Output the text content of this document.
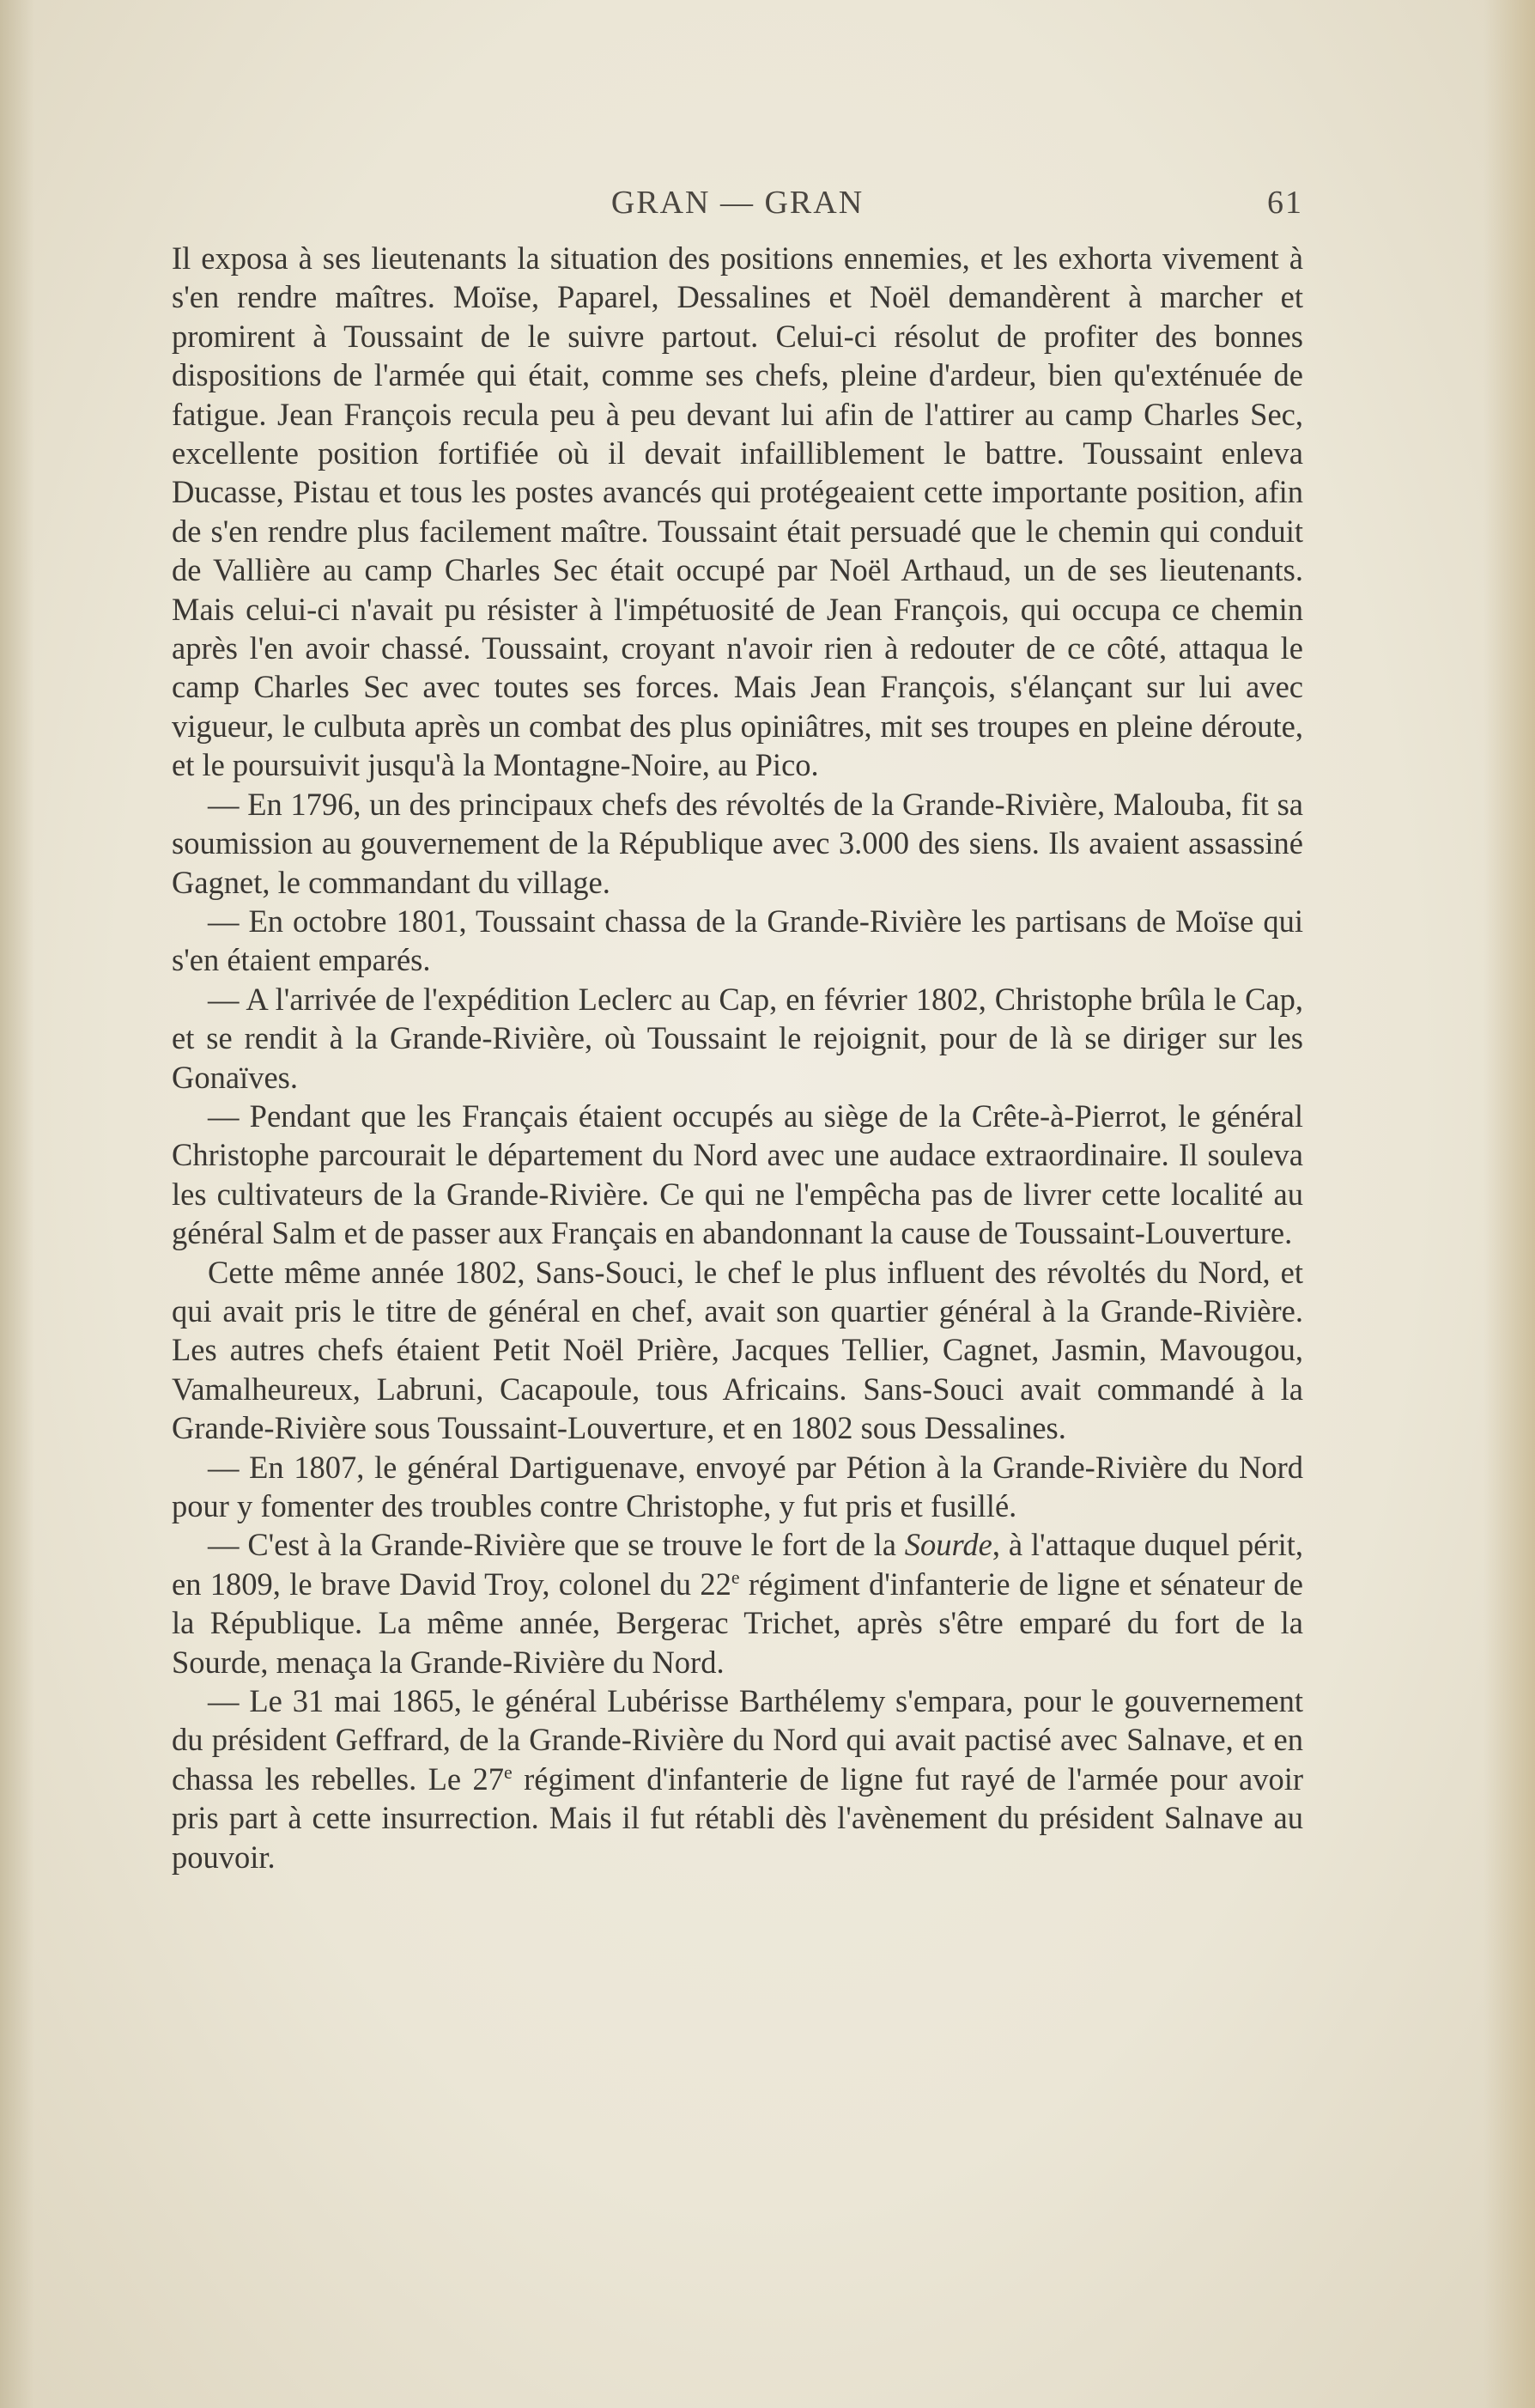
GRAN — GRAN	61

Il exposa à ses lieutenants la situation des positions ennemies, et les exhorta vivement à s'en rendre maîtres. Moïse, Paparel, Dessalines et Noël demandèrent à marcher et promirent à Toussaint de le suivre partout. Celui-ci résolut de profiter des bonnes dispositions de l'armée qui était, comme ses chefs, pleine d'ardeur, bien qu'exténuée de fatigue. Jean François recula peu à peu devant lui afin de l'attirer au camp Charles Sec, excellente position fortifiée où il devait infailliblement le battre. Toussaint enleva Ducasse, Pistau et tous les postes avancés qui protégeaient cette importante position, afin de s'en rendre plus facilement maître. Toussaint était persuadé que le chemin qui conduit de Vallière au camp Charles Sec était occupé par Noël Arthaud, un de ses lieutenants. Mais celui-ci n'avait pu résister à l'impétuosité de Jean François, qui occupa ce chemin après l'en avoir chassé. Toussaint, croyant n'avoir rien à redouter de ce côté, attaqua le camp Charles Sec avec toutes ses forces. Mais Jean François, s'élançant sur lui avec vigueur, le culbuta après un combat des plus opiniâtres, mit ses troupes en pleine déroute, et le poursuivit jusqu'à la Montagne-Noire, au Pico.

— En 1796, un des principaux chefs des révoltés de la Grande-Rivière, Malouba, fit sa soumission au gouvernement de la République avec 3.000 des siens. Ils avaient assassiné Gagnet, le commandant du village.

— En octobre 1801, Toussaint chassa de la Grande-Rivière les partisans de Moïse qui s'en étaient emparés.

— A l'arrivée de l'expédition Leclerc au Cap, en février 1802, Christophe brûla le Cap, et se rendit à la Grande-Rivière, où Toussaint le rejoignit, pour de là se diriger sur les Gonaïves.

— Pendant que les Français étaient occupés au siège de la Crête-à-Pierrot, le général Christophe parcourait le département du Nord avec une audace extraordinaire. Il souleva les cultivateurs de la Grande-Rivière. Ce qui ne l'empêcha pas de livrer cette localité au général Salm et de passer aux Français en abandonnant la cause de Toussaint-Louverture.

Cette même année 1802, Sans-Souci, le chef le plus influent des révoltés du Nord, et qui avait pris le titre de général en chef, avait son quartier général à la Grande-Rivière. Les autres chefs étaient Petit Noël Prière, Jacques Tellier, Cagnet, Jasmin, Mavougou, Vamalheureux, Labruni, Cacapoule, tous Africains. Sans-Souci avait commandé à la Grande-Rivière sous Toussaint-Louverture, et en 1802 sous Dessalines.

— En 1807, le général Dartiguenave, envoyé par Pétion à la Grande-Rivière du Nord pour y fomenter des troubles contre Christophe, y fut pris et fusillé.

— C'est à la Grande-Rivière que se trouve le fort de la Sourde, à l'attaque duquel périt, en 1809, le brave David Troy, colonel du 22e régiment d'infanterie de ligne et sénateur de la République. La même année, Bergerac Trichet, après s'être emparé du fort de la Sourde, menaça la Grande-Rivière du Nord.

— Le 31 mai 1865, le général Lubérisse Barthélemy s'empara, pour le gouvernement du président Geffrard, de la Grande-Rivière du Nord qui avait pactisé avec Salnave, et en chassa les rebelles. Le 27e régiment d'infanterie de ligne fut rayé de l'armée pour avoir pris part à cette insurrection. Mais il fut rétabli dès l'avènement du président Salnave au pouvoir.
